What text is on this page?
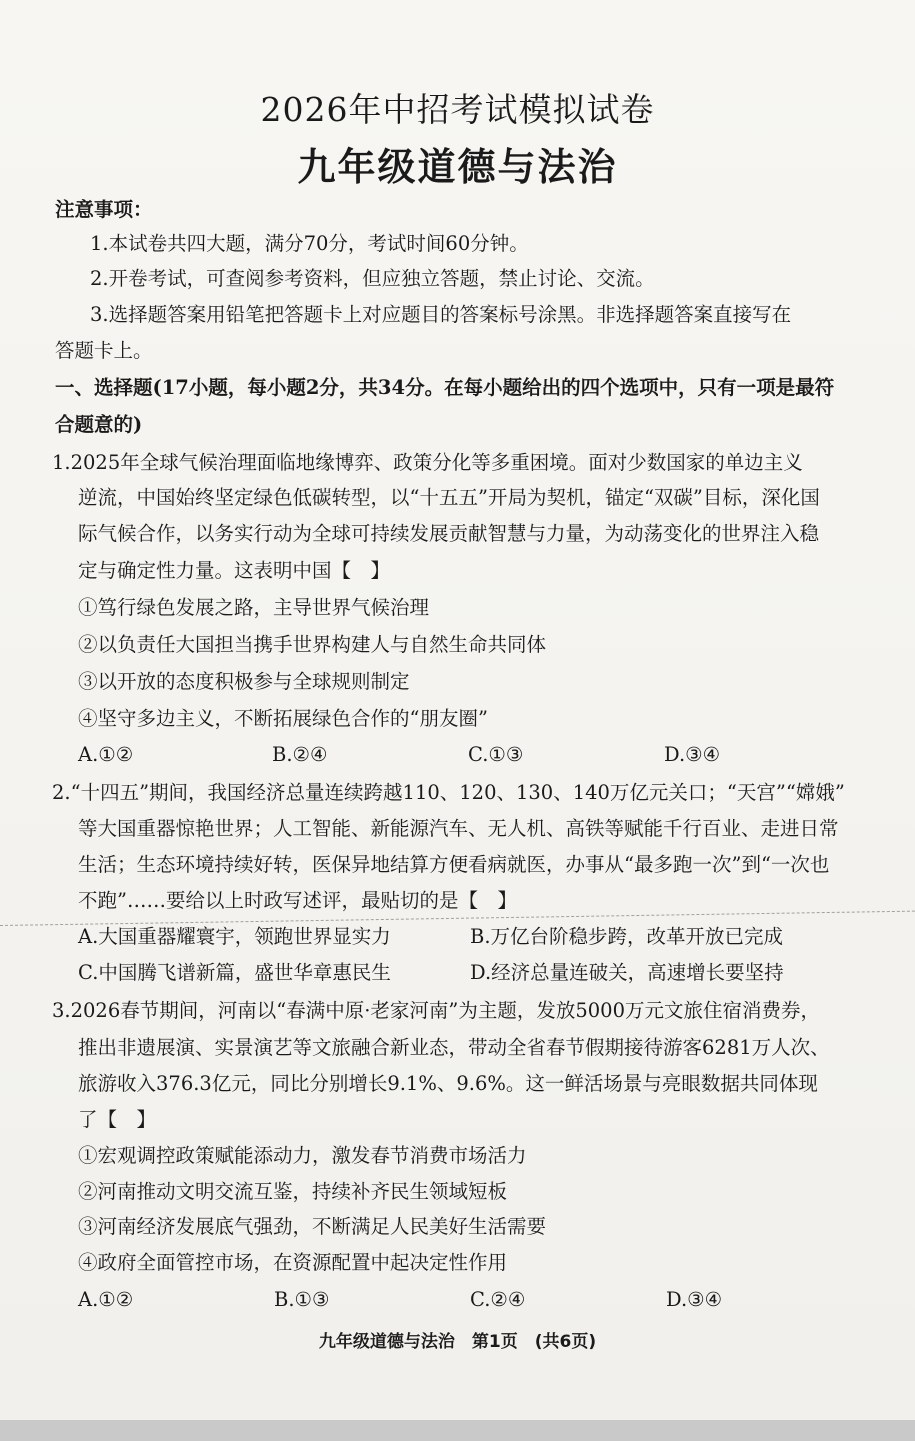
2026年中招考试模拟试卷
九年级道德与法治
注意事项：
1.本试卷共四大题，满分70分，考试时间60分钟。
2.开卷考试，可查阅参考资料，但应独立答题，禁止讨论、交流。
3.选择题答案用铅笔把答题卡上对应题目的答案标号涂黑。非选择题答案直接写在
答题卡上。
一、选择题(17小题，每小题2分，共34分。在每小题给出的四个选项中，只有一项是最符
合题意的)
1.2025年全球气候治理面临地缘博弈、政策分化等多重困境。面对少数国家的单边主义
逆流，中国始终坚定绿色低碳转型，以“十五五”开局为契机，锚定“双碳”目标，深化国
际气候合作，以务实行动为全球可持续发展贡献智慧与力量，为动荡变化的世界注入稳
定与确定性力量。这表明中国【　】
①笃行绿色发展之路，主导世界气候治理
②以负责任大国担当携手世界构建人与自然生命共同体
③以开放的态度积极参与全球规则制定
④坚守多边主义，不断拓展绿色合作的“朋友圈”
A.①②	B.②④	C.①③	D.③④
2.“十四五”期间，我国经济总量连续跨越110、120、130、140万亿元关口；“天宫”“嫦娥”
等大国重器惊艳世界；人工智能、新能源汽车、无人机、高铁等赋能千行百业、走进日常
生活；生态环境持续好转，医保异地结算方便看病就医，办事从“最多跑一次”到“一次也
不跑”……要给以上时政写述评，最贴切的是【　】
A.大国重器耀寰宇，领跑世界显实力	B.万亿台阶稳步跨，改革开放已完成
C.中国腾飞谱新篇，盛世华章惠民生	D.经济总量连破关，高速增长要坚持
3.2026春节期间，河南以“春满中原·老家河南”为主题，发放5000万元文旅住宿消费券，
推出非遗展演、实景演艺等文旅融合新业态，带动全省春节假期接待游客6281万人次、
旅游收入376.3亿元，同比分别增长9.1%、9.6%。这一鲜活场景与亮眼数据共同体现
了【　】
①宏观调控政策赋能添动力，激发春节消费市场活力
②河南推动文明交流互鉴，持续补齐民生领域短板
③河南经济发展底气强劲，不断满足人民美好生活需要
④政府全面管控市场，在资源配置中起决定性作用
A.①②	B.①③	C.②④	D.③④
九年级道德与法治　第1页　(共6页)
